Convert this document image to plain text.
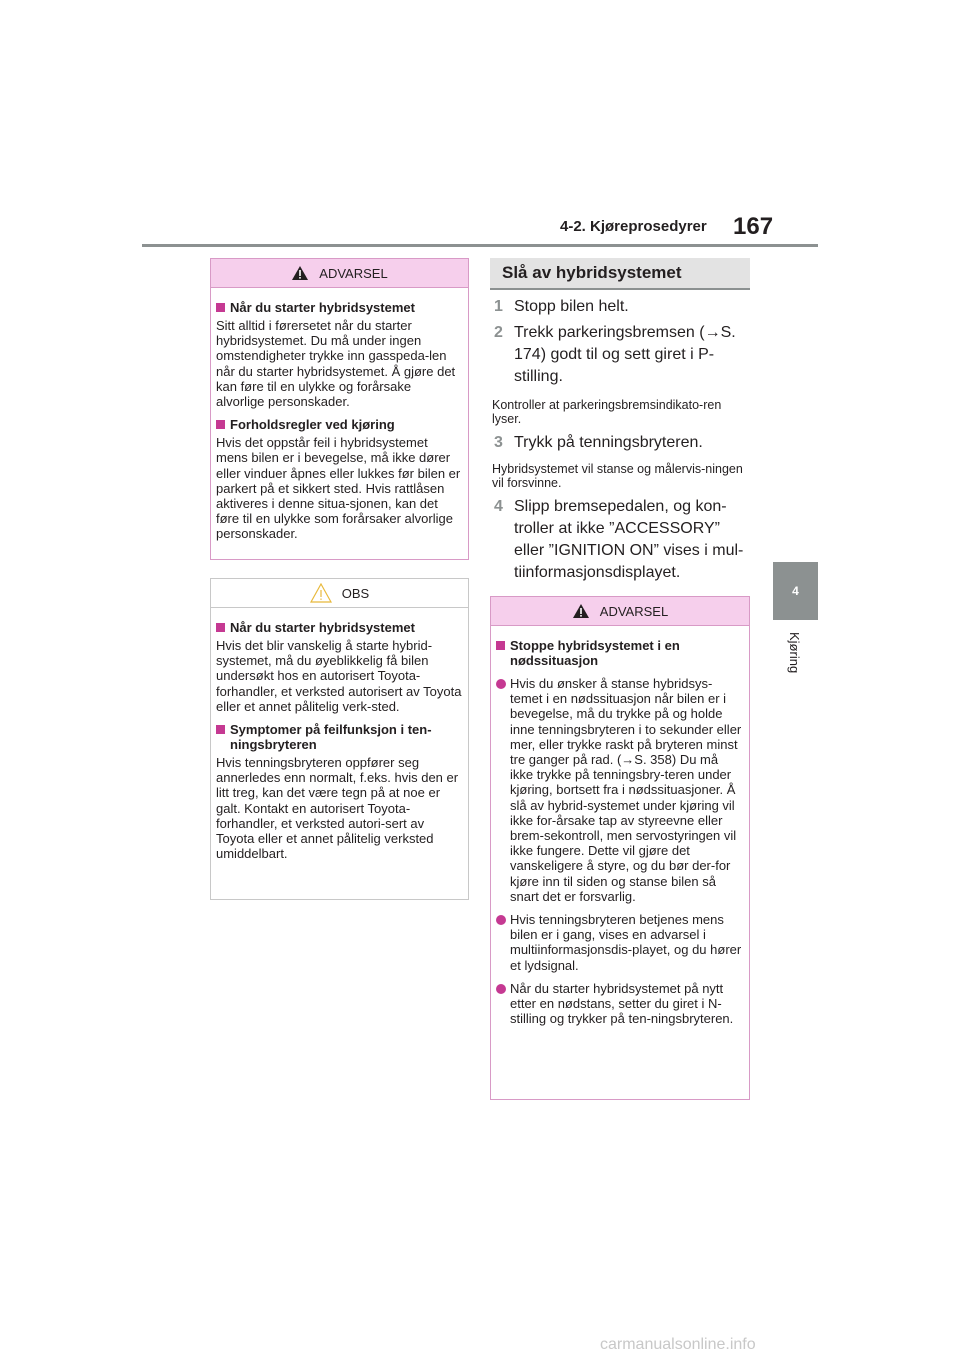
4-2. Kjøreprosedyrer 167
4
Kjøring
ADVARSEL
Når du starter hybridsystemet
Sitt alltid i førersetet når du starter hybridsystemet. Du må under ingen omstendigheter trykke inn gasspeda-len når du starter hybridsystemet. Å gjøre det kan føre til en ulykke og forårsake alvorlige personskader.
Forholdsregler ved kjøring
Hvis det oppstår feil i hybridsystemet mens bilen er i bevegelse, må ikke dører eller vinduer åpnes eller lukkes før bilen er parkert på et sikkert sted. Hvis rattlåsen aktiveres i denne situa-sjonen, kan det føre til en ulykke som forårsaker alvorlige personskader.
OBS
Når du starter hybridsystemet
Hvis det blir vanskelig å starte hybrid-systemet, må du øyeblikkelig få bilen undersøkt hos en autorisert Toyota-forhandler, et verksted autorisert av Toyota eller et annet pålitelig verk-sted.
Symptomer på feilfunksjon i ten-ningsbryteren
Hvis tenningsbryteren oppfører seg annerledes enn normalt, f.eks. hvis den er litt treg, kan det være tegn på at noe er galt. Kontakt en autorisert Toyota-forhandler, et verksted autori-sert av Toyota eller et annet pålitelig verksted umiddelbart.
Slå av hybridsystemet
1 Stopp bilen helt.
2 Trekk parkeringsbremsen (→S. 174) godt til og sett giret i P-stilling.
Kontroller at parkeringsbremsindikato-ren lyser.
3 Trykk på tenningsbryteren.
Hybridsystemet vil stanse og målervis-ningen vil forsvinne.
4 Slipp bremsepedalen, og kon-troller at ikke ”ACCESSORY” eller ”IGNITION ON” vises i mul-tiinformasjonsdisplayet.
ADVARSEL
Stoppe hybridsystemet i en nødssituasjon
Hvis du ønsker å stanse hybridsys-temet i en nødssituasjon når bilen er i bevegelse, må du trykke på og holde inne tenningsbryteren i to sekunder eller mer, eller trykke raskt på bryteren minst tre ganger på rad. (→S. 358) Du må ikke trykke på tenningsbry-teren under kjøring, bortsett fra i nødssituasjoner. Å slå av hybrid-systemet under kjøring vil ikke for-årsake tap av styreevne eller brem-sekontroll, men servostyringen vil ikke fungere. Dette vil gjøre det vanskeligere å styre, og du bør der-for kjøre inn til siden og stanse bilen så snart det er forsvarlig.
Hvis tenningsbryteren betjenes mens bilen er i gang, vises en advarsel i multiinformasjonsdis-playet, og du hører et lydsignal.
Når du starter hybridsystemet på nytt etter en nødstans, setter du giret i N-stilling og trykker på ten-ningsbryteren.
carmanualsonline.info
